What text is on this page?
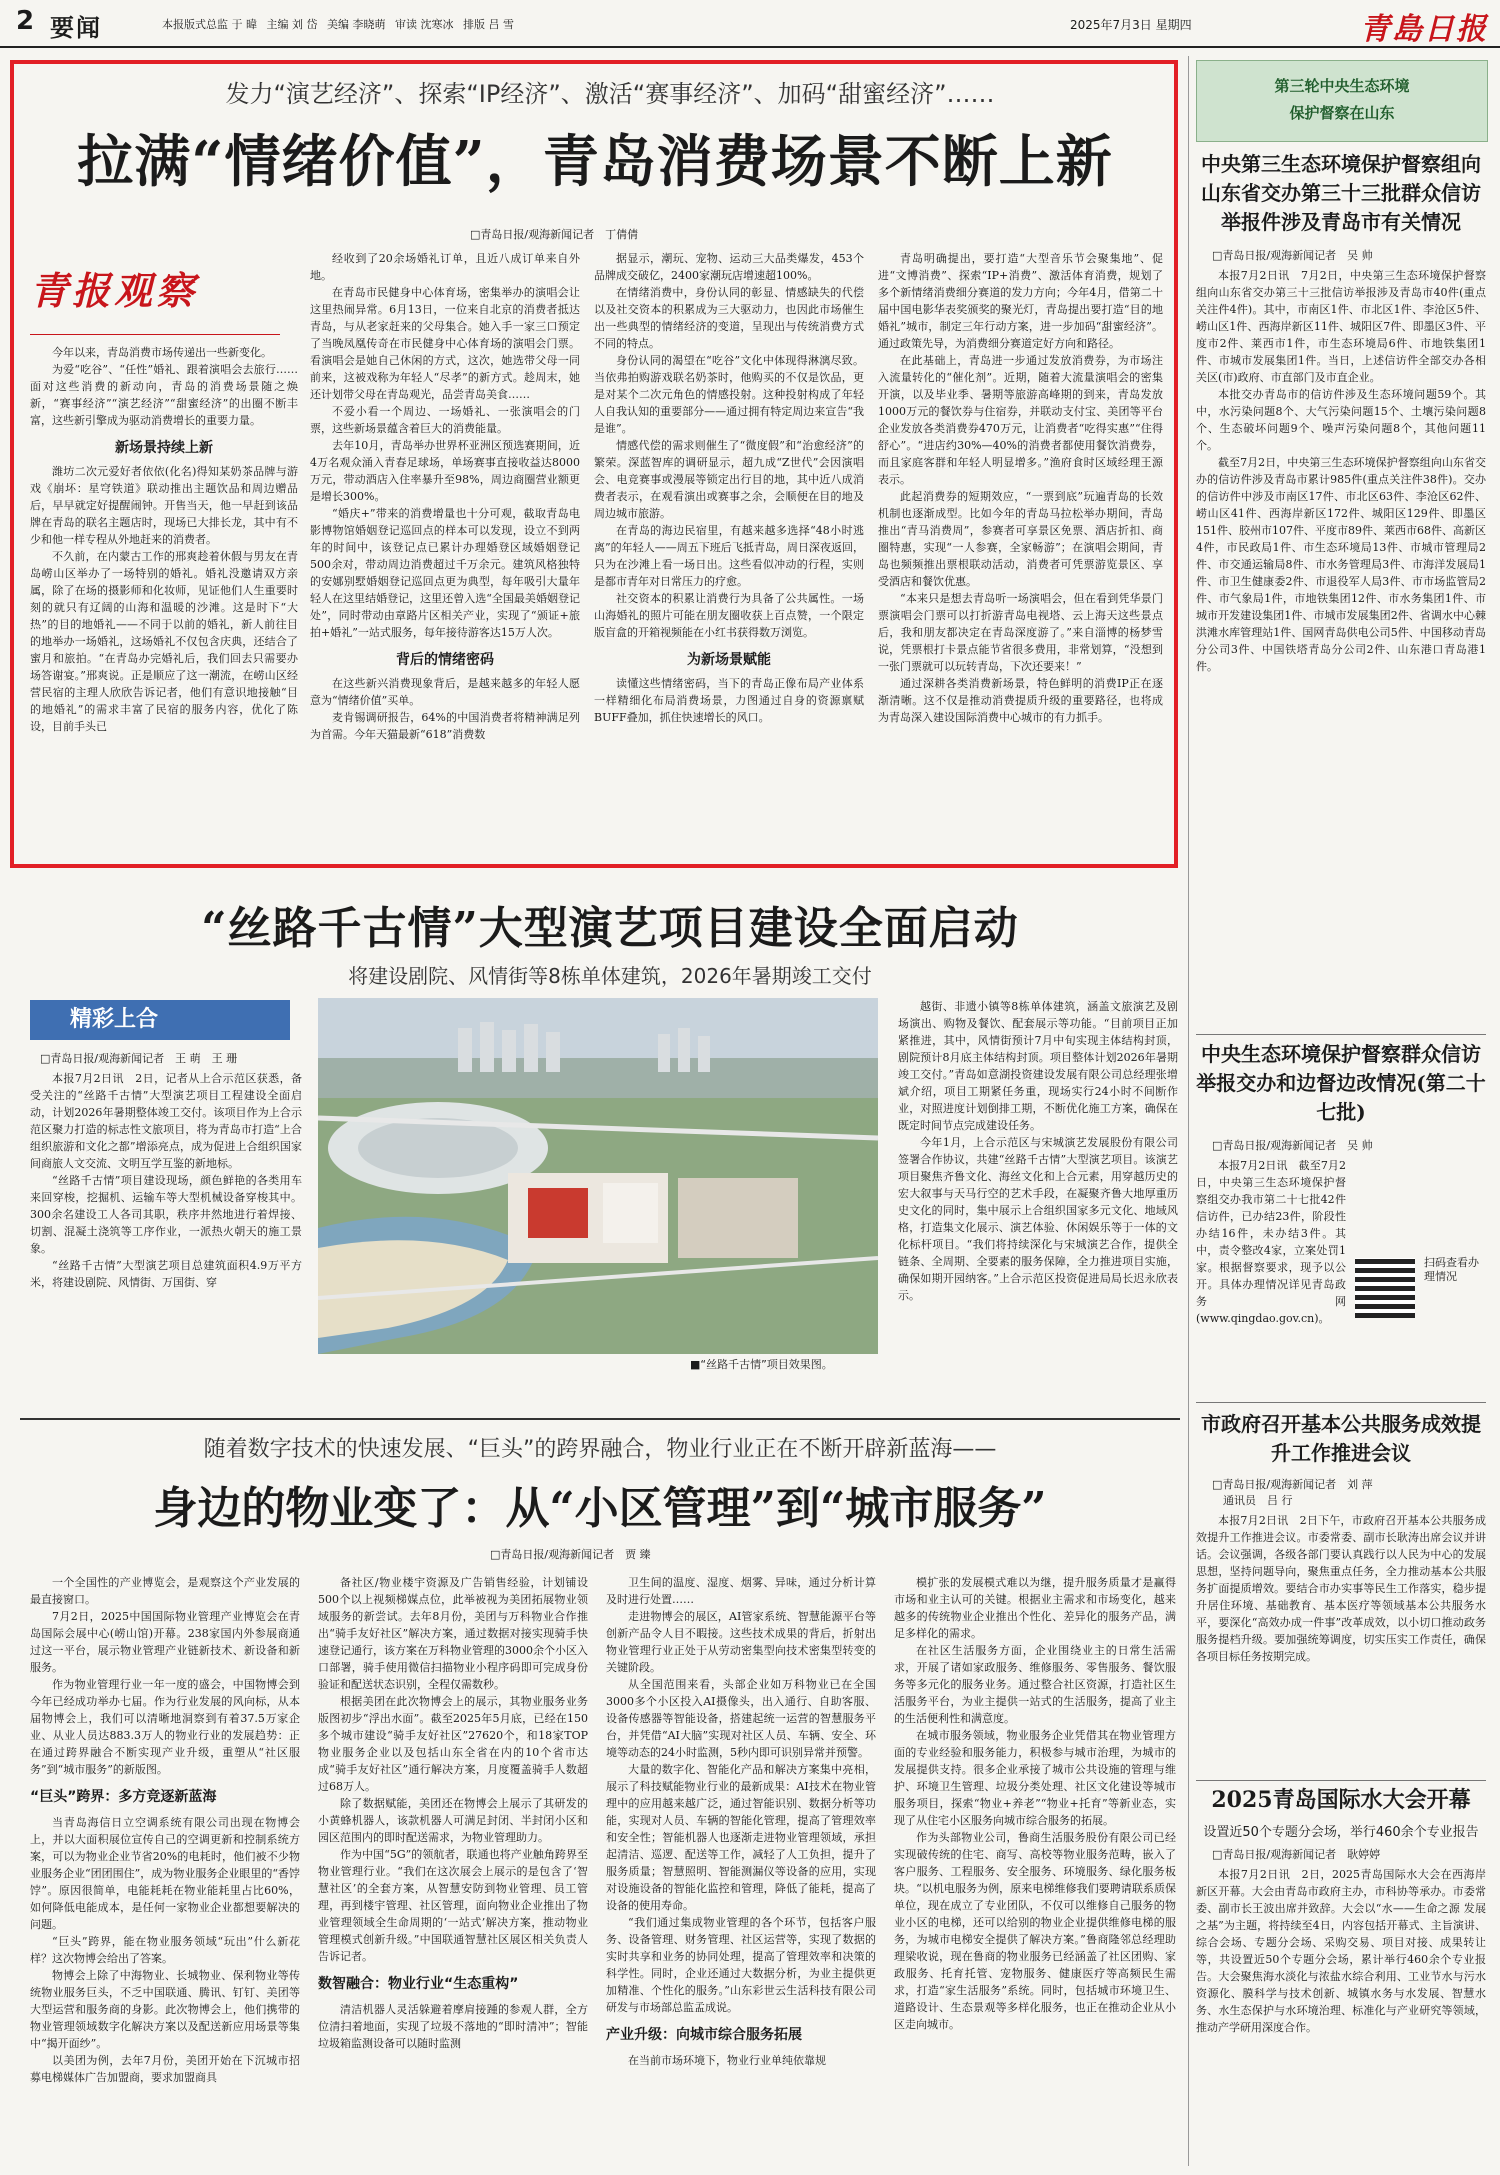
2 要闻	本报版式总监 于 暐 主编 刘 岱 美编 李晓萌 审读 沈寒冰 排版 吕 雪	2025年7月3日 星期四	青島日报
发力“演艺经济”、探索“IP经济”、激活“赛事经济”、加码“甜蜜经济”……
拉满“情绪价值”，青岛消费场景不断上新
□青岛日报/观海新闻记者　丁倩倩
青报观察

今年以来，青岛消费市场传递出一些新变化。

为爱“吃谷”、“任性”婚礼、跟着演唱会去旅行……面对这些消费的新动向，青岛的消费场景随之焕新，“赛事经济”“演艺经济”“甜蜜经济”的出圈不断丰富，这些新引擎成为驱动消费增长的重要力量。

新场景持续上新

潍坊二次元爱好者依依(化名)得知某奶茶品牌与游戏《崩坏：星穹铁道》联动推出主题饮品和周边赠品后，早早就定好提醒闹钟。开售当天，他一早赶到该品牌在青岛的联名主题店时，现场已大排长龙，其中有不少和他一样专程从外地赶来的消费者。

不久前，在内蒙古工作的邢爽趁着休假与男友在青岛崂山区举办了一场特别的婚礼。婚礼没邀请双方亲属，除了在场的摄影师和化妆师，见证他们人生重要时刻的就只有辽阔的山海和温暖的沙滩。这是时下“大热”的目的地婚礼——不同于以前的婚礼，新人前往目的地举办一场婚礼，这场婚礼不仅包含庆典，还结合了蜜月和旅拍。“在青岛办完婚礼后，我们回去只需要办场答谢宴。”邢爽说。正是顺应了这一潮流，在崂山区经营民宿的主理人欣欣告诉记者，他们有意识地接触“目的地婚礼”的需求丰富了民宿的服务内容，优化了陈设，目前手头已

经收到了20余场婚礼订单，且近八成订单来自外地。

在青岛市民健身中心体育场，密集举办的演唱会让这里热闹异常。6月13日，一位来自北京的消费者抵达青岛，与从老家赶来的父母集合。她入手一家三口预定了当晚凤凰传奇在市民健身中心体育场的演唱会门票。看演唱会是她自己休闲的方式，这次，她选带父母一同前来，这被戏称为年轻人“尽孝”的新方式。趁周末，她还计划带父母在青岛观光，品尝青岛美食……

不爱小看一个周边、一场婚礼、一张演唱会的门票，这些新场景蕴含着巨大的消费能量。

去年10月，青岛举办世界杯亚洲区预选赛期间，近4万名观众涌入青春足球场，单场赛事直接收益达8000万元，带动酒店入住率暴升至98%，周边商圈营业额更是增长300%。

“婚庆+”带来的消费增量也十分可观，截取青岛电影博物馆婚姻登记巡回点的样本可以发现，设立不到两年的时间中，该登记点已累计办理婚登区域婚姻登记500余对，带动周边消费超过千万余元。建筑风格独特的安娜别墅婚姻登记巡回点更为典型，每年吸引大量年轻人在这里结婚登记，这里还曾入选“全国最美婚姻登记处”，同时带动由章路片区相关产业，实现了“颁证+旅拍+婚礼”一站式服务，每年接待游客达15万人次。

背后的情绪密码

在这些新兴消费现象背后，是越来越多的年轻人愿意为“情绪价值”买单。

麦肯锡调研报告，64%的中国消费者将精神满足列为首需。今年天猫最新“618”消费数

据显示，潮玩、宠物、运动三大品类爆发，453个品牌成交破亿，2400家潮玩店增速超100%。

在情绪消费中，身份认同的彰显、情感缺失的代偿以及社交资本的积累成为三大驱动力，也因此市场催生出一些典型的情绪经济的变道，呈现出与传统消费方式不同的特点。

身份认同的渴望在“吃谷”文化中体现得淋漓尽致。当依弗拍购游戏联名奶茶时，他购买的不仅是饮品，更是对某个二次元角色的情感投射。这种投射构成了年轻人自我认知的重要部分——通过拥有特定周边来宣告“我是谁”。

情感代偿的需求则催生了“微度假”和“治愈经济”的繁荣。深蓝智库的调研显示，超九成“Z世代”会因演唱会、电竞赛事或漫展等锁定出行目的地，其中近八成消费者表示，在观看演出或赛事之余，会顺便在目的地及周边城市旅游。

在青岛的海边民宿里，有越来越多选择“48小时逃离”的年轻人——周五下班后飞抵青岛，周日深夜返回，只为在沙滩上看一场日出。这些看似冲动的行程，实则是都市青年对日常压力的疗愈。

社交资本的积累让消费行为具备了公共属性。一场山海婚礼的照片可能在朋友圈收获上百点赞，一个限定版盲盒的开箱视频能在小红书获得数万浏览。

为新场景赋能

读懂这些情绪密码，当下的青岛正像布局产业体系一样精细化布局消费场景，力图通过自身的资源禀赋BUFF叠加，抓住快速增长的风口。

青岛明确提出，要打造“大型音乐节会聚集地”、促进“文博消费”、探索“IP+消费”、激活体育消费，规划了多个新情绪消费细分赛道的发力方向；今年4月，借第二十届中国电影华表奖颁奖的聚光灯，青岛提出要打造“目的地婚礼”城市，制定三年行动方案，进一步加码“甜蜜经济”。通过政策先导，为消费细分赛道定好方向和路径。

在此基础上，青岛进一步通过发放消费券，为市场注入流量转化的“催化剂”。近期，随着大流量演唱会的密集开演，以及毕业季、暑期等旅游高峰期的到来，青岛发放1000万元的餐饮券与住宿券，并联动支付宝、美团等平台企业发放各类消费券470万元，让消费者“吃得实惠”“住得舒心”。“进店约30%—40%的消费者都使用餐饮消费券，而且家庭客群和年轻人明显增多。”渔府食时区域经理王源表示。

此起消费券的短期效应，“一票到底”玩遍青岛的长效机制也逐渐成型。比如今年的青岛马拉松举办期间，青岛推出“青马消费周”，参赛者可享景区免票、酒店折扣、商圈特惠，实现“一人参赛，全家畅游”；在演唱会期间，青岛也频频推出票根联动活动，消费者可凭票游览景区、享受酒店和餐饮优惠。

“本来只是想去青岛听一场演唱会，但在看到凭华景门票演唱会门票可以打折游青岛电视塔、云上海天这些景点后，我和朋友都决定在青岛深度游了。”来自淄博的杨梦雪说，凭票根打卡景点能节省很多费用，非常划算，“没想到一张门票就可以玩转青岛，下次还要来！”

通过深耕各类消费新场景，特色鲜明的消费IP正在逐渐清晰。这不仅是推动消费提质升级的重要路径，也将成为青岛深入建设国际消费中心城市的有力抓手。

第三轮中央生态环境
保护督察在山东
中央第三生态环境保护督察组向山东省交办第三十三批群众信访举报件涉及青岛市有关情况
□青岛日报/观海新闻记者　吴 帅

本报7月2日讯　7月2日，中央第三生态环境保护督察组向山东省交办第三十三批信访举报涉及青岛市40件(重点关注件4件)。其中，市南区1件、市北区1件、李沧区5件、崂山区1件、西海岸新区11件、城阳区7件、即墨区3件、平度市2件、莱西市1件，市生态环境局6件、市地铁集团1件、市城市发展集团1件。当日，上述信访件全部交办各相关区(市)政府、市直部门及市直企业。

本批交办青岛市的信访件涉及生态环境问题59个。其中，水污染问题8个、大气污染问题15个、土壤污染问题8个、生态破坏问题9个、噪声污染问题8个，其他问题11个。

截至7月2日，中央第三生态环境保护督察组向山东省交办的信访件涉及青岛市累计985件(重点关注件38件)。交办的信访件中涉及市南区17件、市北区63件、李沧区62件、崂山区41件、西海岸新区172件、城阳区129件、即墨区151件、胶州市107件、平度市89件、莱西市68件、高新区4件，市民政局1件、市生态环境局13件、市城市管理局2件、市交通运输局8件、市水务管理局3件、市海洋发展局1件、市卫生健康委2件、市退役军人局3件、市市场监管局2件、市气象局1件，市地铁集团12件、市水务集团1件、市城市开发建设集团1件、市城市发展集团2件、省调水中心棘洪滩水库管理站1件、国网青岛供电公司5件、中国移动青岛分公司3件、中国铁塔青岛分公司2件、山东港口青岛港1件。

中央生态环境保护督察群众信访举报交办和边督边改情况(第二十七批)
□青岛日报/观海新闻记者　吴 帅

本报7月2日讯　截至7月2日，中央第三生态环境保护督察组交办我市第二十七批42件信访件，已办结23件，阶段性办结16件，未办结3件。其中，责令整改4家，立案处罚1家。根据督察要求，现予以公开。具体办理情况详见青岛政务网(www.qingdao.gov.cn)。

扫码查看办理情况
市政府召开基本公共服务成效提升工作推进会议
□青岛日报/观海新闻记者　刘 萍
　通讯员　吕 行

本报7月2日讯　2日下午，市政府召开基本公共服务成效提升工作推进会议。市委常委、副市长耿涛出席会议并讲话。会议强调，各级各部门要认真践行以人民为中心的发展思想，坚持问题导向，聚焦重点任务，全力推动基本公共服务扩面提质增效。要结合市办实事等民生工作落实，稳步提升居住环境、基础教育、基本医疗等领域基本公共服务水平，要深化“高效办成一件事”改革成效，以小切口推动政务服务提档升级。要加强统筹调度，切实压实工作责任，确保各项目标任务按期完成。

2025青岛国际水大会开幕
设置近50个专题分会场，举行460余个专业报告
□青岛日报/观海新闻记者　耿婷婷

本报7月2日讯　2日，2025青岛国际水大会在西海岸新区开幕。大会由青岛市政府主办，市科协等承办。市委常委、副市长王波出席并致辞。大会以“水——生命之源 发展之基”为主题，将持续至4日，内容包括开幕式、主旨演讲、综合会场、专题分会场、采购交易、项目对接、成果转让等，共设置近50个专题分会场，累计举行460余个专业报告。大会聚焦海水淡化与浓盐水综合利用、工业节水与污水资源化、膜科学与技术创新、城镇水务与水发展、智慧水务、水生态保护与水环境治理、标准化与产业研究等领域，推动产学研用深度合作。

“丝路千古情”大型演艺项目建设全面启动
将建设剧院、风情街等8栋单体建筑，2026年暑期竣工交付
精彩上合
□青岛日报/观海新闻记者　王 萌　王 珊

本报7月2日讯　2日，记者从上合示范区获悉，备受关注的“丝路千古情”大型演艺项目工程建设全面启动，计划2026年暑期整体竣工交付。该项目作为上合示范区聚力打造的标志性文旅项目，将为青岛市打造“上合组织旅游和文化之都”增添亮点，成为促进上合组织国家间商旅人文交流、文明互学互鉴的新地标。

“丝路千古情”项目建设现场，颜色鲜艳的各类用车来回穿梭，挖掘机、运输车等大型机械设备穿梭其中。300余名建设工人各司其职，秩序井然地进行着焊接、切割、混凝土浇筑等工序作业，一派热火朝天的施工景象。

“丝路千古情”大型演艺项目总建筑面积4.9万平方米，将建设剧院、风情街、万国街、穿

■“丝路千古情”项目效果图。

越街、非遗小镇等8栋单体建筑，涵盖文旅演艺及剧场演出、购物及餐饮、配套展示等功能。“目前项目正加紧推进，其中，风情街预计7月中旬实现主体结构封顶，剧院预计8月底主体结构封顶。项目整体计划2026年暑期竣工交付。”青岛如意湖投资建设发展有限公司总经理张增斌介绍，项目工期紧任务重，现场实行24小时不间断作业，对照进度计划倒排工期，不断优化施工方案，确保在既定时间节点完成建设任务。

今年1月，上合示范区与宋城演艺发展股份有限公司签署合作协议，共建“丝路千古情”大型演艺项目。该演艺项目聚焦齐鲁文化、海丝文化和上合元素，用穿越历史的宏大叙事与天马行空的艺术手段，在凝聚齐鲁大地厚重历史文化的同时，集中展示上合组织国家多元文化、地域风格，打造集文化展示、演艺体验、休闲娱乐等于一体的文化标杆项目。“我们将持续深化与宋城演艺合作，提供全链条、全周期、全要素的服务保障，全力推进项目实施，确保如期开园纳客。”上合示范区投资促进局局长迟永欣表示。

随着数字技术的快速发展、“巨头”的跨界融合，物业行业正在不断开辟新蓝海——
身边的物业变了：从“小区管理”到“城市服务”
□青岛日报/观海新闻记者　贾 臻

一个全国性的产业博览会，是观察这个产业发展的最直接窗口。

7月2日，2025中国国际物业管理产业博览会在青岛国际会展中心(崂山馆)开幕。238家国内外参展商通过这一平台，展示物业管理产业链新技术、新设备和新服务。

作为物业管理行业一年一度的盛会，中国物博会到今年已经成功举办七届。作为行业发展的风向标，从本届物博会上，我们可以清晰地洞察到有着37.5万家企业、从业人员达883.3万人的物业行业的发展趋势：正在通过跨界融合不断实现产业升级，重塑从“社区服务”到“城市服务”的新版图。

“巨头”跨界：多方竞逐新蓝海

当青岛海信日立空调系统有限公司出现在物博会上，并以大面积展位宣传自己的空调更新和控制系统方案，可以为物业企业节省20%的电耗时，他们被不少物业服务企业“团团围住”，成为物业服务企业眼里的“香饽饽”。原因很简单，电能耗耗在物业能耗里占比60%，如何降低电能成本，是任何一家物业企业都想要解决的问题。

“巨头”跨界，能在物业服务领域“玩出”什么新花样？这次物博会给出了答案。

物博会上除了中海物业、长城物业、保利物业等传统物业服务巨头，不乏中国联通、腾讯、钉钉、美团等大型运营和服务商的身影。此次物博会上，他们携带的物业管理领域数字化解决方案以及配送新应用场景等集中“揭开面纱”。

以美团为例，去年7月份，美团开始在下沉城市招募电梯媒体广告加盟商，要求加盟商具

备社区/物业楼宇资源及广告销售经验，计划铺设500个以上视频梯媒点位，此举被视为美团拓展物业领域服务的新尝试。去年8月份，美团与万科物业合作推出“骑手友好社区”解决方案，通过数据对接实现骑手快速登记通行，该方案在万科物业管理的3000余个小区入口部署，骑手使用微信扫描物业小程序码即可完成身份验证和配送状态识别，全程仅需数秒。

根据美团在此次物博会上的展示，其物业服务业务版图初步“浮出水面”。截至2025年5月底，已经在150多个城市建设“骑手友好社区”27620个，和18家TOP物业服务企业以及包括山东全省在内的10个省市达成“骑手友好社区”通行解决方案，月度覆盖骑手人数超过68万人。

除了数据赋能，美团还在物博会上展示了其研发的小黄蜂机器人，该款机器人可满足封闭、半封闭小区和园区范围内的即时配送需求，为物业管理助力。

作为中国“5G”的领航者，联通也将产业触角跨界至物业管理行业。“我们在这次展会上展示的是包含了‘智慧社区’的全套方案，从智慧安防到物业管理、员工管理，再到楼宇管理、社区管理，面向物业企业推出了物业管理领域全生命周期的‘一站式’解决方案，推动物业管理模式创新升级。”中国联通智慧社区展区相关负责人告诉记者。

数智融合：物业行业“生态重构”

清洁机器人灵活躲避着摩肩接踵的参观人群，全方位清扫着地面，实现了垃圾不落地的“即时清冲”；智能垃圾箱监测设备可以随时监测

卫生间的温度、湿度、烟雾、异味，通过分析计算及时进行处置……

走进物博会的展区，AI管家系统、智慧能源平台等创新产品令人目不暇接。这些技术成果的背后，折射出物业管理行业正处于从劳动密集型向技术密集型转变的关键阶段。

从全国范围来看，头部企业如万科物业已在全国3000多个小区投入AI摄像头，出入通行、自助客服、设备传感器等智能设备，搭建起统一运营的智慧服务平台，并凭借“AI大脑”实现对社区人员、车辆、安全、环境等动态的24小时监测，5秒内即可识别异常并预警。

大量的数字化、智能化产品和解决方案集中亮相，展示了科技赋能物业行业的最新成果：AI技术在物业管理中的应用越来越广泛，通过智能识别、数据分析等功能，实现对人员、车辆的智能化管理，提高了管理效率和安全性；智能机器人也逐渐走进物业管理领域，承担起清洁、巡逻、配送等工作，减轻了人工负担，提升了服务质量；智慧照明、智能测漏仪等设备的应用，实现对设施设备的智能化监控和管理，降低了能耗，提高了设备的使用寿命。

“我们通过集成物业管理的各个环节，包括客户服务、设备管理、财务管理、社区运营等，实现了数据的实时共享和业务的协同处理，提高了管理效率和决策的科学性。同时，企业还通过大数据分析，为业主提供更加精准、个性化的服务。”山东彩世云生活科技有限公司研发与市场部总监孟成说。

产业升级：向城市综合服务拓展

在当前市场环境下，物业行业单纯依靠规

模扩张的发展模式难以为继，提升服务质量才是赢得市场和业主认可的关键。根据业主需求和市场变化，越来越多的传统物业企业推出个性化、差异化的服务产品，满足多样化的需求。

在社区生活服务方面，企业围绕业主的日常生活需求，开展了诸如家政服务、维修服务、零售服务、餐饮服务等多元化的服务业务。通过整合社区资源，打造社区生活服务平台，为业主提供一站式的生活服务，提高了业主的生活便利性和满意度。

在城市服务领域，物业服务企业凭借其在物业管理方面的专业经验和服务能力，积极参与城市治理，为城市的发展提供支持。很多企业承接了城市公共设施的管理与维护、环境卫生管理、垃圾分类处理、社区文化建设等城市服务项目，探索“物业+养老”“物业+托育”等新业态，实现了从住宅小区服务向城市综合服务的拓展。

作为头部物业公司，鲁商生活服务股份有限公司已经实现破传统的住宅、商写、高校等物业服务范畴，嵌入了客户服务、工程服务、安全服务、环境服务、绿化服务板块。“以机电服务为例，原来电梯维修我们要聘请联系质保单位，现在成立了专业团队，不仅可以维修自己服务的物业小区的电梯，还可以给别的物业企业提供维修电梯的服务，为城市电梯安全提供了解决方案。”鲁商隆邻总经理助理梁收说，现在鲁商的物业服务已经涵盖了社区团购、家政服务、托育托管、宠物服务、健康医疗等高频民生需求，打造“家生活服务”系统。同时，包括城市环境卫生、道路设计、生态景观等多样化服务，也正在推动企业从小区走向城市。
